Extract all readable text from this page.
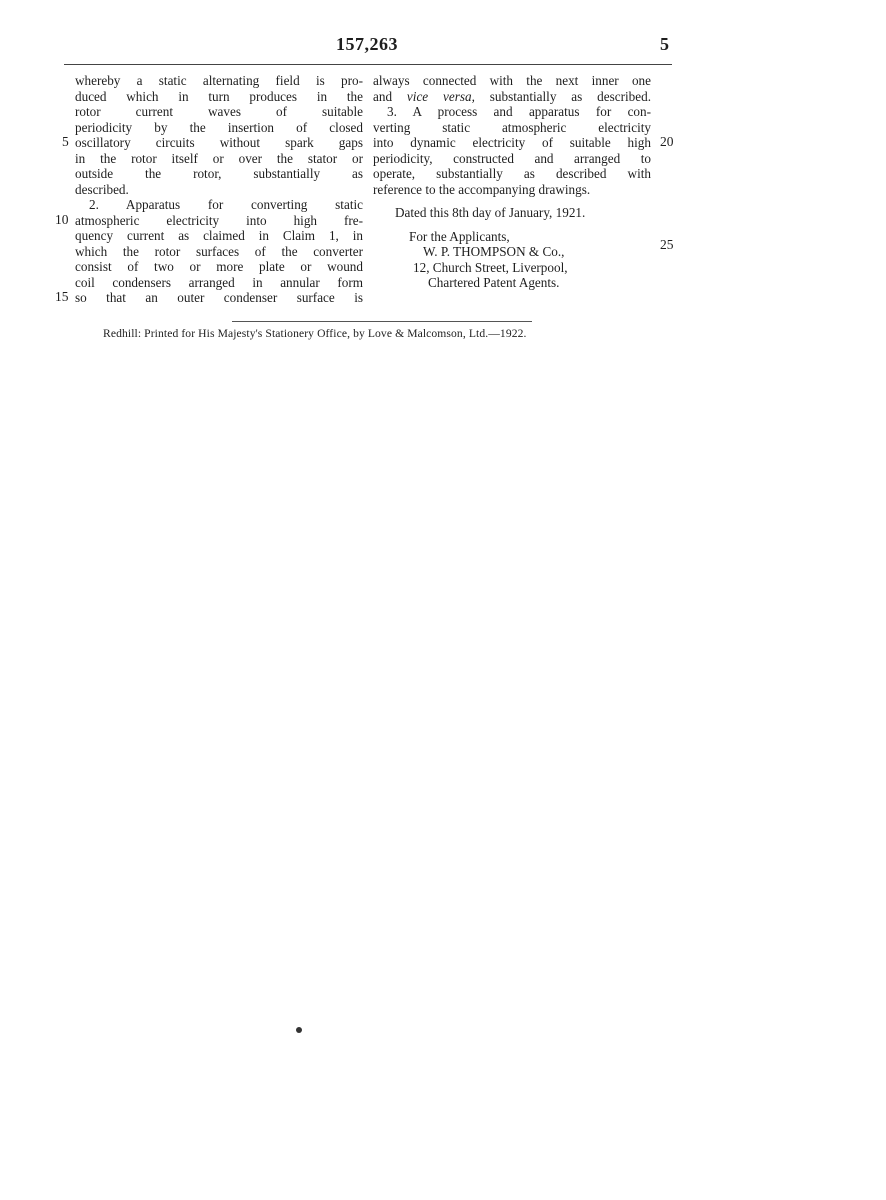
157,263	5
whereby a static alternating field is pro-
duced which in turn produces in the
rotor current waves of suitable
periodicity by the insertion of closed
oscillatory circuits without spark gaps
in the rotor itself or over the stator or
outside the rotor, substantially as
described.
2. Apparatus for converting static
atmospheric electricity into high fre-
quency current as claimed in Claim 1, in
which the rotor surfaces of the converter
consist of two or more plate or wound
coil condensers arranged in annular form
so that an outer condenser surface is
always connected with the next inner one
and vice versa, substantially as described.
3. A process and apparatus for con-
verting static atmospheric electricity
into dynamic electricity of suitable high
periodicity, constructed and arranged to
operate, substantially as described with
reference to the accompanying drawings.
Dated this 8th day of January, 1921.
For the Applicants,
W. P. THOMPSON & Co.,
12, Church Street, Liverpool,
Chartered Patent Agents.
5
10
15
20
25
Redhill: Printed for His Majesty's Stationery Office, by Love & Malcomson, Ltd.—1922.
